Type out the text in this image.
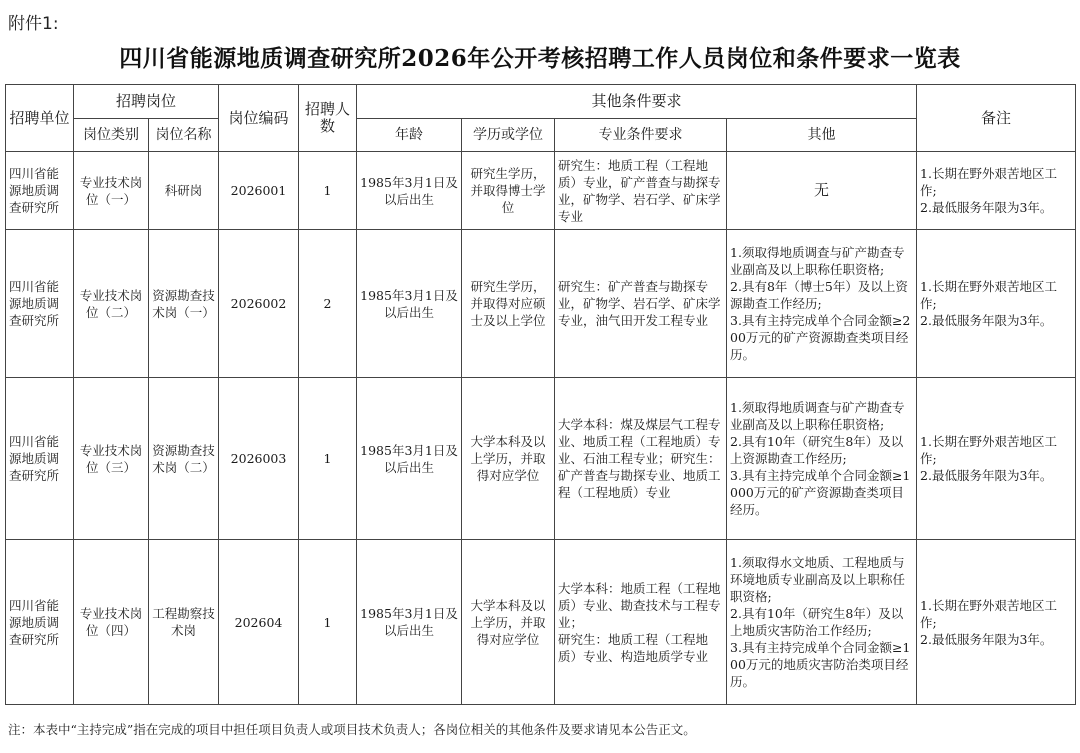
附件1:
四川省能源地质调查研究所2026年公开考核招聘工作人员岗位和条件要求一览表
招聘单位	招聘岗位		岗位编码	招聘人数	其他条件要求				备注
	岗位类别	岗位名称			年龄	学历或学位	专业条件要求	其他	
四川省能源地质调查研究所	专业技术岗位（一）	科研岗	2026001	1	1985年3月1日及以后出生	研究生学历，并取得博士学位	研究生：地质工程（工程地质）专业，矿产普查与勘探专业，矿物学、岩石学、矿床学专业	无	1.长期在野外艰苦地区工作;
2.最低服务年限为3年。
四川省能源地质调查研究所	专业技术岗位（二）	资源勘查技术岗（一）	2026002	2	1985年3月1日及以后出生	研究生学历，并取得对应硕士及以上学位	研究生：矿产普查与勘探专业，矿物学、岩石学、矿床学专业，油气田开发工程专业	1.须取得地质调查与矿产勘查专业副高及以上职称任职资格;
2.具有8年（博士5年）及以上资源勘查工作经历;
3.具有主持完成单个合同金额≥200万元的矿产资源勘查类项目经历。	1.长期在野外艰苦地区工作;
2.最低服务年限为3年。
四川省能源地质调查研究所	专业技术岗位（三）	资源勘查技术岗（二）	2026003	1	1985年3月1日及以后出生	大学本科及以上学历，并取得对应学位	大学本科：煤及煤层气工程专业、地质工程（工程地质）专业、石油工程专业；研究生：矿产普查与勘探专业、地质工程（工程地质）专业	1.须取得地质调查与矿产勘查专业副高及以上职称任职资格;
2.具有10年（研究生8年）及以上资源勘查工作经历;
3.具有主持完成单个合同金额≥1000万元的矿产资源勘查类项目经历。	1.长期在野外艰苦地区工作;
2.最低服务年限为3年。
四川省能源地质调查研究所	专业技术岗位（四）	工程勘察技术岗	202604	1	1985年3月1日及以后出生	大学本科及以上学历，并取得对应学位	大学本科：地质工程（工程地质）专业、勘查技术与工程专业；
研究生：地质工程（工程地质）专业、构造地质学专业	1.须取得水文地质、工程地质与环境地质专业副高及以上职称任职资格;
2.具有10年（研究生8年）及以上地质灾害防治工作经历;
3.具有主持完成单个合同金额≥100万元的地质灾害防治类项目经历。	1.长期在野外艰苦地区工作;
2.最低服务年限为3年。
注：本表中“主持完成”指在完成的项目中担任项目负责人或项目技术负责人；各岗位相关的其他条件及要求请见本公告正文。
